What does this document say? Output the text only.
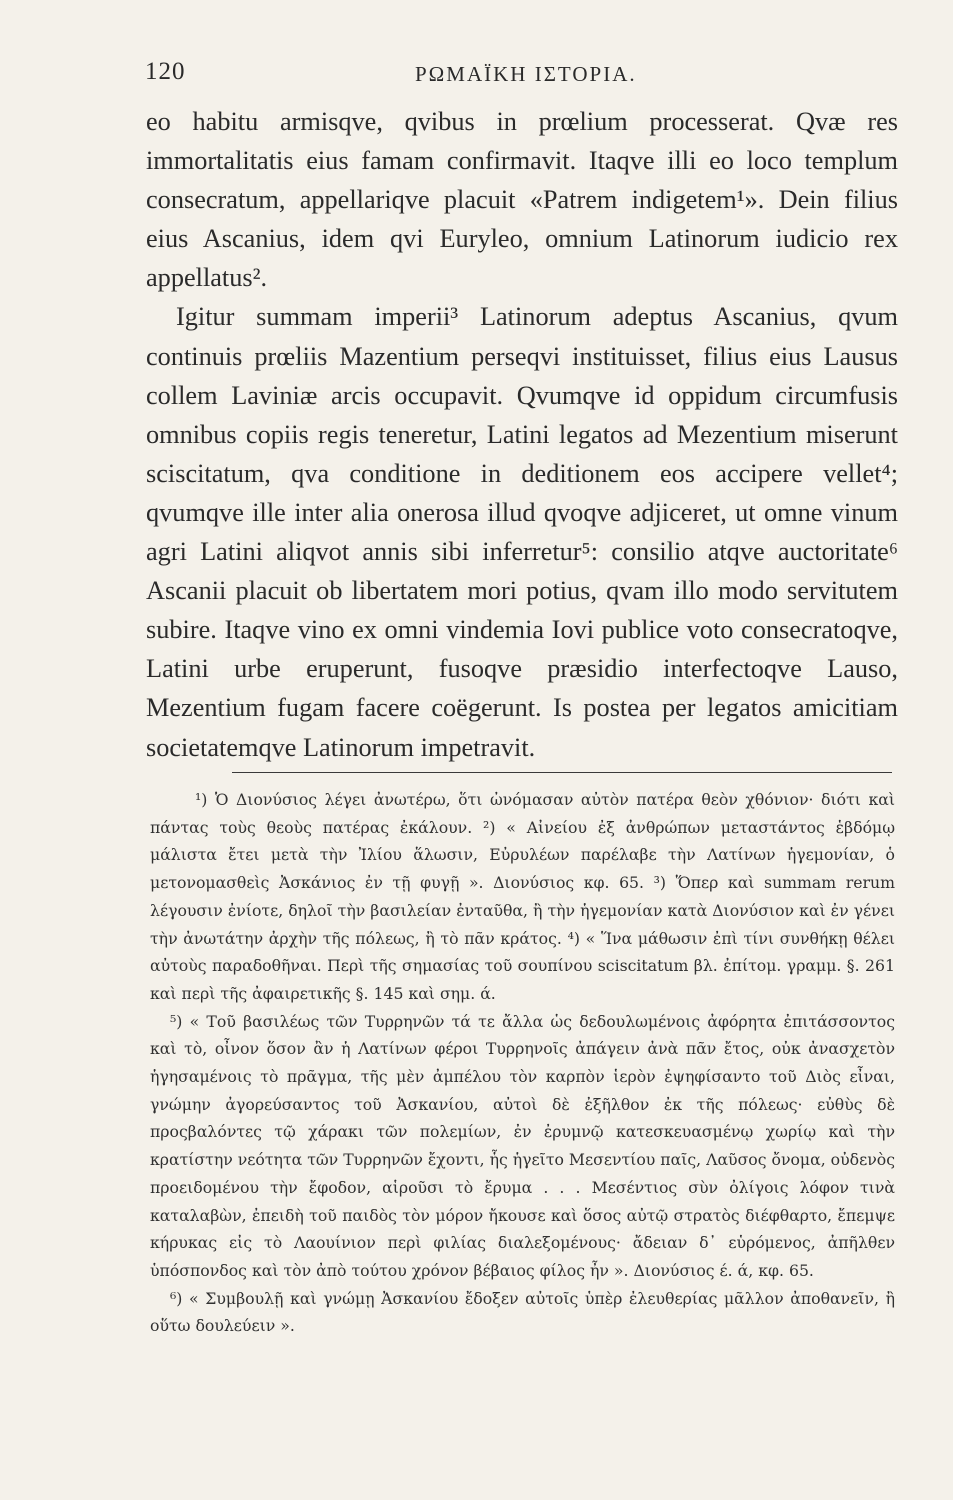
120	ΡΩΜΑΪΚΗ ΙΣΤΟΡΙΑ.

eo habitu armisqve, qvibus in prœlium processerat. Qvæ res immortalitatis eius famam confirmavit. Itaqve illi eo loco templum consecratum, appellariqve placuit «Patrem indigetem¹». Dein filius eius Ascanius, idem qvi Euryleo, omnium Latinorum iudicio rex appellatus².

Igitur summam imperii³ Latinorum adeptus Ascanius, qvum continuis prœliis Mazentium perseqvi instituisset, filius eius Lausus collem Laviniæ arcis occupavit. Qvumqve id oppidum circumfusis omnibus copiis regis teneretur, Latini legatos ad Mezentium miserunt sciscitatum, qva conditione in deditionem eos accipere vellet⁴; qvumqve ille inter alia onerosa illud qvoqve adjiceret, ut omne vinum agri Latini aliqvot annis sibi inferretur⁵: consilio atqve auctoritate⁶ Ascanii placuit ob libertatem mori potius, qvam illo modo servitutem subire. Itaqve vino ex omni vindemia Iovi publice voto consecratoqve, Latini urbe eruperunt, fusoqve præsidio interfectoqve Lauso, Mezentium fugam facere coëgerunt. Is postea per legatos amicitiam societatemqve Latinorum impetravit.

¹) Ὁ Διονύσιος λέγει ἀνωτέρω, ὅτι ὠνόμασαν αὐτὸν πατέρα θεὸν χθόνιον· διότι καὶ πάντας τοὺς θεοὺς πατέρας ἐκάλουν. ²) « Αἰνείου ἐξ ἀνθρώπων μεταστάντος ἑβδόμῳ μάλιστα ἔτει μετὰ τὴν Ἰλίου ἅλωσιν, Εὐρυλέων παρέλαβε τὴν Λατίνων ἡγεμονίαν, ὁ μετονομασθεὶς Ἀσκάνιος ἐν τῇ φυγῇ ». Διονύσιος κφ. 65. ³) Ὅπερ καὶ summam rerum λέγουσιν ἐνίοτε, δηλοῖ τὴν βασιλείαν ἐνταῦθα, ἢ τὴν ἡγεμονίαν κατὰ Διονύσιον καὶ ἐν γένει τὴν ἀνωτάτην ἀρχὴν τῆς πόλεως, ἢ τὸ πᾶν κράτος. ⁴) « Ἵνα μάθωσιν ἐπὶ τίνι συνθήκῃ θέλει αὐτοὺς παραδοθῆναι. Περὶ τῆς σημασίας τοῦ σουπίνου sciscitatum βλ. ἐπίτομ. γραμμ. §. 261 καὶ περὶ τῆς ἀφαιρετικῆς §. 145 καὶ σημ. ά.

⁵) « Τοῦ βασιλέως τῶν Τυρρηνῶν τά τε ἄλλα ὡς δεδουλωμένοις ἀφόρητα ἐπιτάσσοντος καὶ τὸ, οἶνον ὅσον ἂν ἡ Λατίνων φέροι Τυρρηνοῖς ἀπάγειν ἀνὰ πᾶν ἔτος, οὐκ ἀνασχετὸν ἡγησαμένοις τὸ πρᾶγμα, τῆς μὲν ἀμπέλου τὸν καρπὸν ἱερὸν ἐψηφίσαντο τοῦ Διὸς εἶναι, γνώμην ἀγορεύσαντος τοῦ Ἀσκανίου, αὐτοὶ δὲ ἐξῆλθον ἐκ τῆς πόλεως· εὐθὺς δὲ προςβαλόντες τῷ χάρακι τῶν πολεμίων, ἐν ἐρυμνῷ κατεσκευασμένῳ χωρίῳ καὶ τὴν κρατίστην νεότητα τῶν Τυρρηνῶν ἔχοντι, ἧς ἡγεῖτο Μεσεντίου παῖς, Λαῦσος ὄνομα, οὐδενὸς προειδομένου τὴν ἔφοδον, αἱροῦσι τὸ ἔρυμα . . . Μεσέντιος σὺν ὀλίγοις λόφον τινὰ καταλαβὼν, ἐπειδὴ τοῦ παιδὸς τὸν μόρον ἤκουσε καὶ ὅσος αὐτῷ στρατὸς διέφθαρτο, ἔπεμψε κήρυκας εἰς τὸ Λαουίνιον περὶ φιλίας διαλεξομένους· ἄδειαν δ᾽ εὑρόμενος, ἀπῆλθεν ὑπόσπονδος καὶ τὸν ἀπὸ τούτου χρόνον βέβαιος φίλος ἦν ». Διονύσιος έ. ά, κφ. 65.

⁶) « Συμβουλῇ καὶ γνώμῃ Ἀσκανίου ἔδοξεν αὐτοῖς ὑπὲρ ἐλευθερίας μᾶλλον ἀποθανεῖν, ἢ οὕτω δουλεύειν ».
